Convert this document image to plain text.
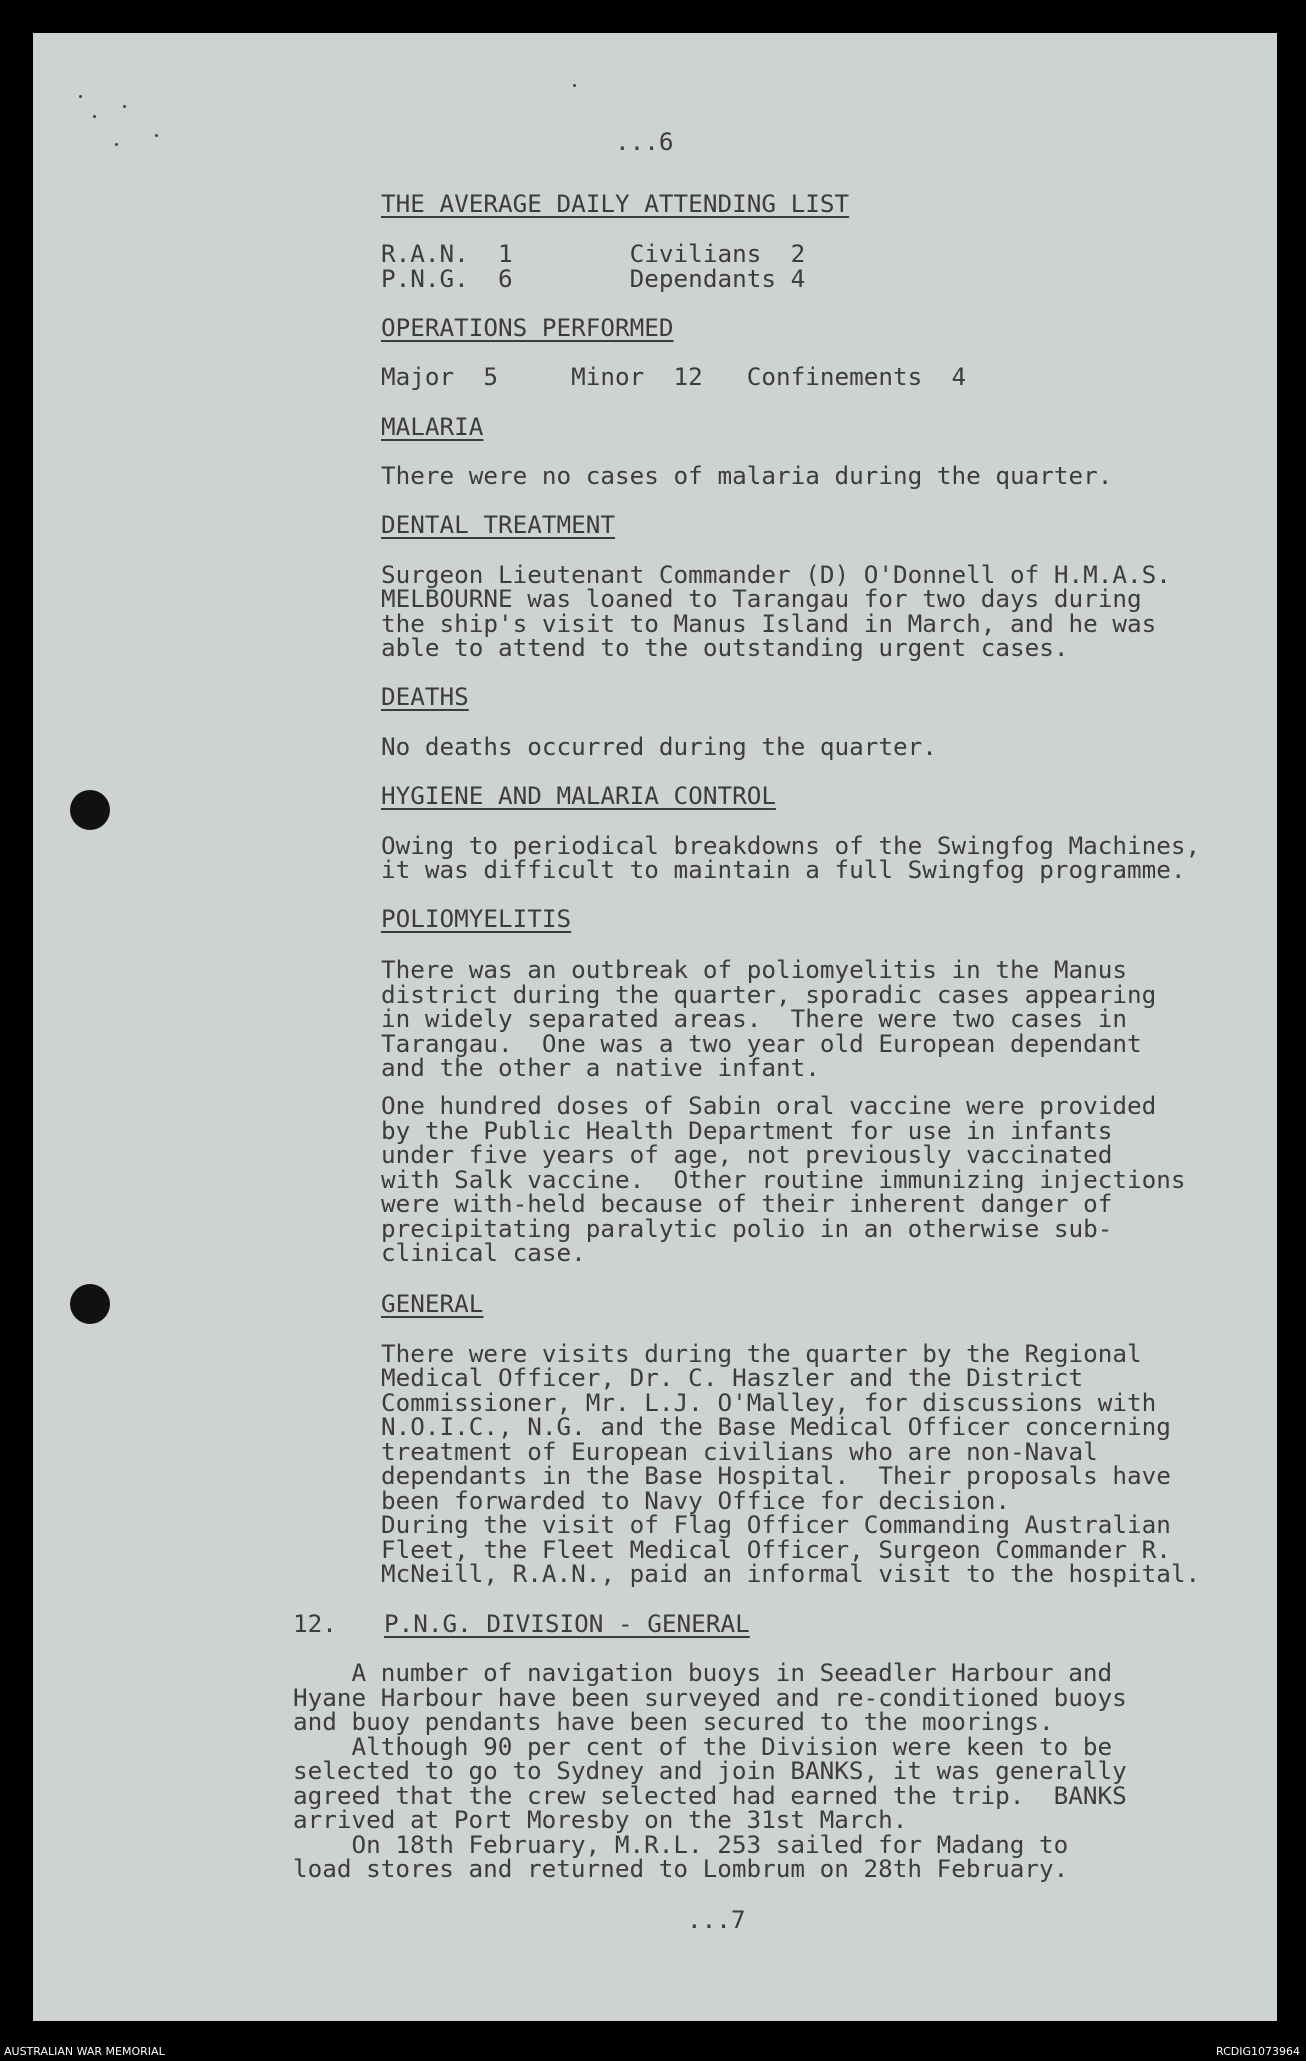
...6
THE AVERAGE DAILY ATTENDING LIST
R.A.N.  1        Civilians  2
P.N.G.  6        Dependants 4
OPERATIONS PERFORMED
Major  5     Minor  12   Confinements  4
MALARIA
There were no cases of malaria during the quarter.
DENTAL TREATMENT
Surgeon Lieutenant Commander (D) O'Donnell of H.M.A.S.
MELBOURNE was loaned to Tarangau for two days during
the ship's visit to Manus Island in March, and he was
able to attend to the outstanding urgent cases.
DEATHS
No deaths occurred during the quarter.
HYGIENE AND MALARIA CONTROL
Owing to periodical breakdowns of the Swingfog Machines,
it was difficult to maintain a full Swingfog programme.
POLIOMYELITIS
There was an outbreak of poliomyelitis in the Manus
district during the quarter, sporadic cases appearing
in widely separated areas.  There were two cases in
Tarangau.  One was a two year old European dependant
and the other a native infant.
One hundred doses of Sabin oral vaccine were provided
by the Public Health Department for use in infants
under five years of age, not previously vaccinated
with Salk vaccine.  Other routine immunizing injections
were with-held because of their inherent danger of
precipitating paralytic polio in an otherwise sub-
clinical case.
GENERAL
There were visits during the quarter by the Regional
Medical Officer, Dr. C. Haszler and the District
Commissioner, Mr. L.J. O'Malley, for discussions with
N.O.I.C., N.G. and the Base Medical Officer concerning
treatment of European civilians who are non-Naval
dependants in the Base Hospital.  Their proposals have
been forwarded to Navy Office for decision.
During the visit of Flag Officer Commanding Australian
Fleet, the Fleet Medical Officer, Surgeon Commander R.
McNeill, R.A.N., paid an informal visit to the hospital.
12. P.N.G. DIVISION - GENERAL
A number of navigation buoys in Seeadler Harbour and
Hyane Harbour have been surveyed and re-conditioned buoys
and buoy pendants have been secured to the moorings.
Although 90 per cent of the Division were keen to be
selected to go to Sydney and join BANKS, it was generally
agreed that the crew selected had earned the trip.  BANKS
arrived at Port Moresby on the 31st March.
On 18th February, M.R.L. 253 sailed for Madang to
load stores and returned to Lombrum on 28th February.
...7
AUSTRALIAN WAR MEMORIAL	RCDIG1073964
